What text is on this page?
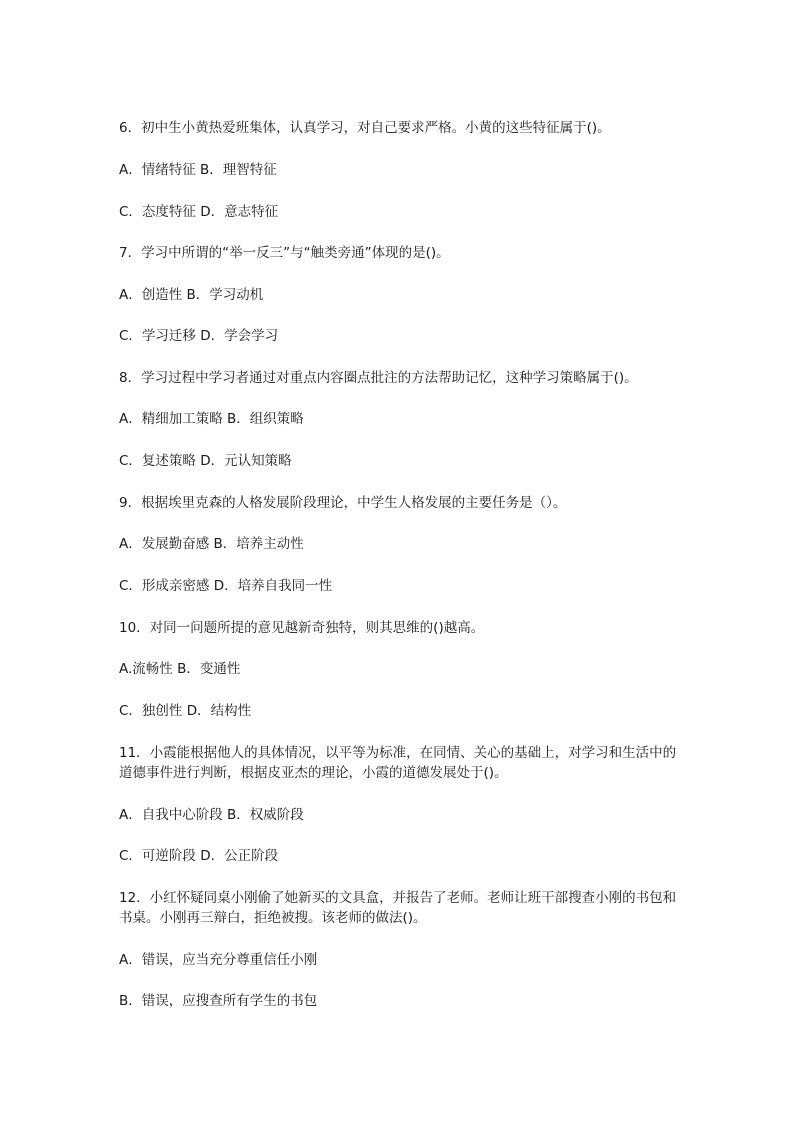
6．初中生小黄热爱班集体，认真学习，对自己要求严格。小黄的这些特征属于()。
A．情绪特征 B．理智特征
C．态度特征 D．意志特征
7．学习中所谓的“举一反三”与“触类旁通”体现的是()。
A．创造性 B．学习动机
C．学习迁移 D．学会学习
8．学习过程中学习者通过对重点内容圈点批注的方法帮助记忆，这种学习策略属于()。
A．精细加工策略 B．组织策略
C．复述策略 D．元认知策略
9．根据埃里克森的人格发展阶段理论，中学生人格发展的主要任务是（）。
A．发展勤奋感 B．培养主动性
C．形成亲密感 D．培养自我同一性
10．对同一问题所提的意见越新奇独特，则其思维的()越高。
A.流畅性 B．变通性
C．独创性 D．结构性
11．小霞能根据他人的具体情况，以平等为标准，在同情、关心的基础上，对学习和生活中的道德事件进行判断，根据皮亚杰的理论，小霞的道德发展处于()。
A．自我中心阶段 B．权威阶段
C．可逆阶段 D．公正阶段
12．小红怀疑同桌小刚偷了她新买的文具盒，并报告了老师。老师让班干部搜查小刚的书包和书桌。小刚再三辩白，拒绝被搜。该老师的做法()。
A．错误，应当充分尊重信任小刚
B．错误，应搜查所有学生的书包
